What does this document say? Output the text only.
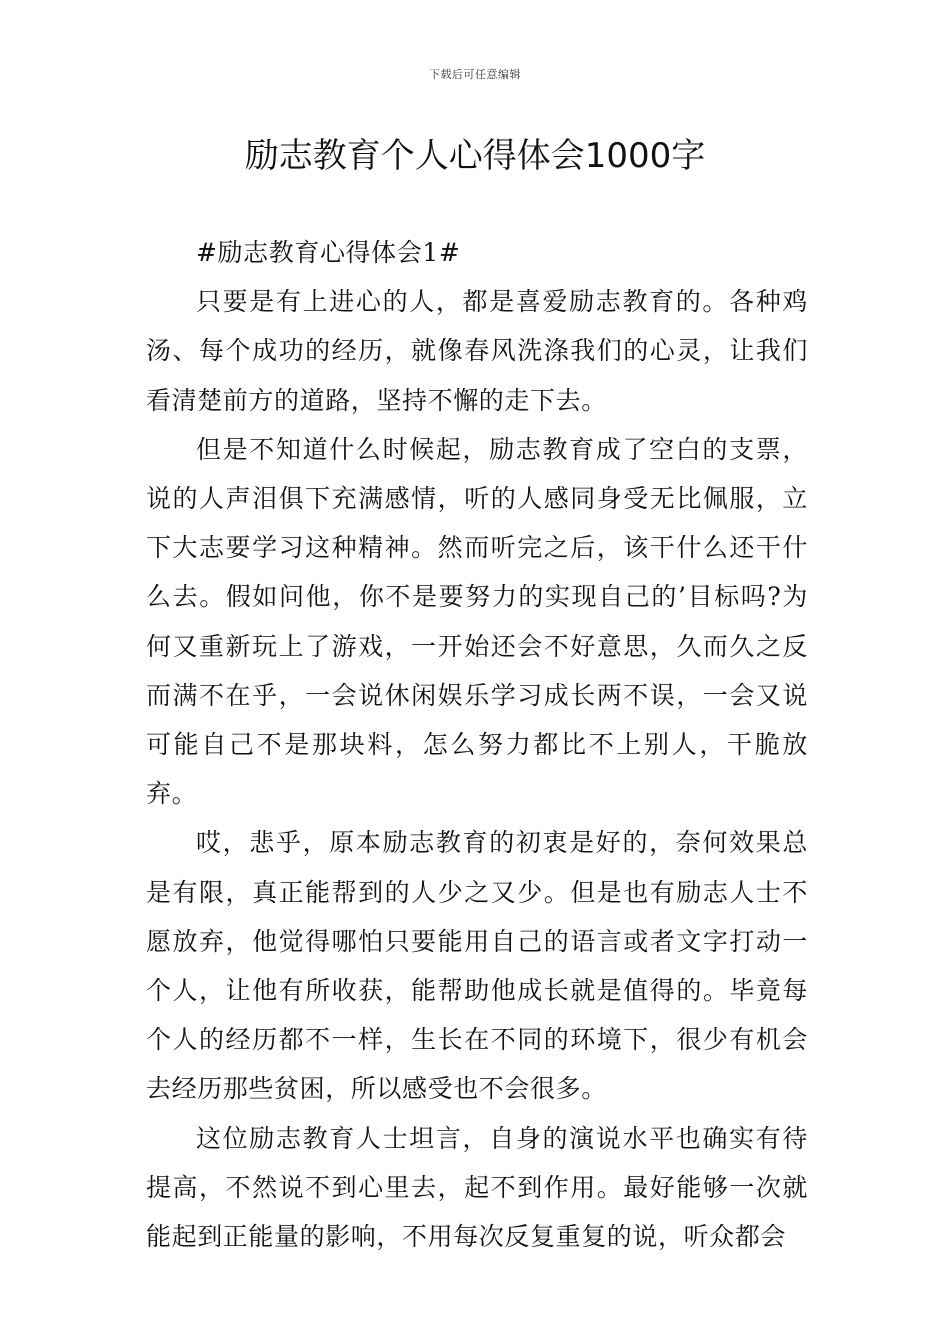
下载后可任意编辑
励志教育个人心得体会1000字

#励志教育心得体会1#

只要是有上进心的人，都是喜爱励志教育的。各种鸡汤、每个成功的经历，就像春风洗涤我们的心灵，让我们看清楚前方的道路，坚持不懈的走下去。

但是不知道什么时候起，励志教育成了空白的支票，说的人声泪俱下充满感情，听的人感同身受无比佩服，立下大志要学习这种精神。然而听完之后，该干什么还干什么去。假如问他，你不是要努力的实现自己的’目标吗?为何又重新玩上了游戏，一开始还会不好意思，久而久之反而满不在乎，一会说休闲娱乐学习成长两不误，一会又说可能自己不是那块料，怎么努力都比不上别人，干脆放弃。

哎，悲乎，原本励志教育的初衷是好的，奈何效果总是有限，真正能帮到的人少之又少。但是也有励志人士不愿放弃，他觉得哪怕只要能用自己的语言或者文字打动一个人，让他有所收获，能帮助他成长就是值得的。毕竟每个人的经历都不一样，生长在不同的环境下，很少有机会去经历那些贫困，所以感受也不会很多。

这位励志教育人士坦言，自身的演说水平也确实有待提高，不然说不到心里去，起不到作用。最好能够一次就能起到正能量的影响，不用每次反复重复的说，听众都会
